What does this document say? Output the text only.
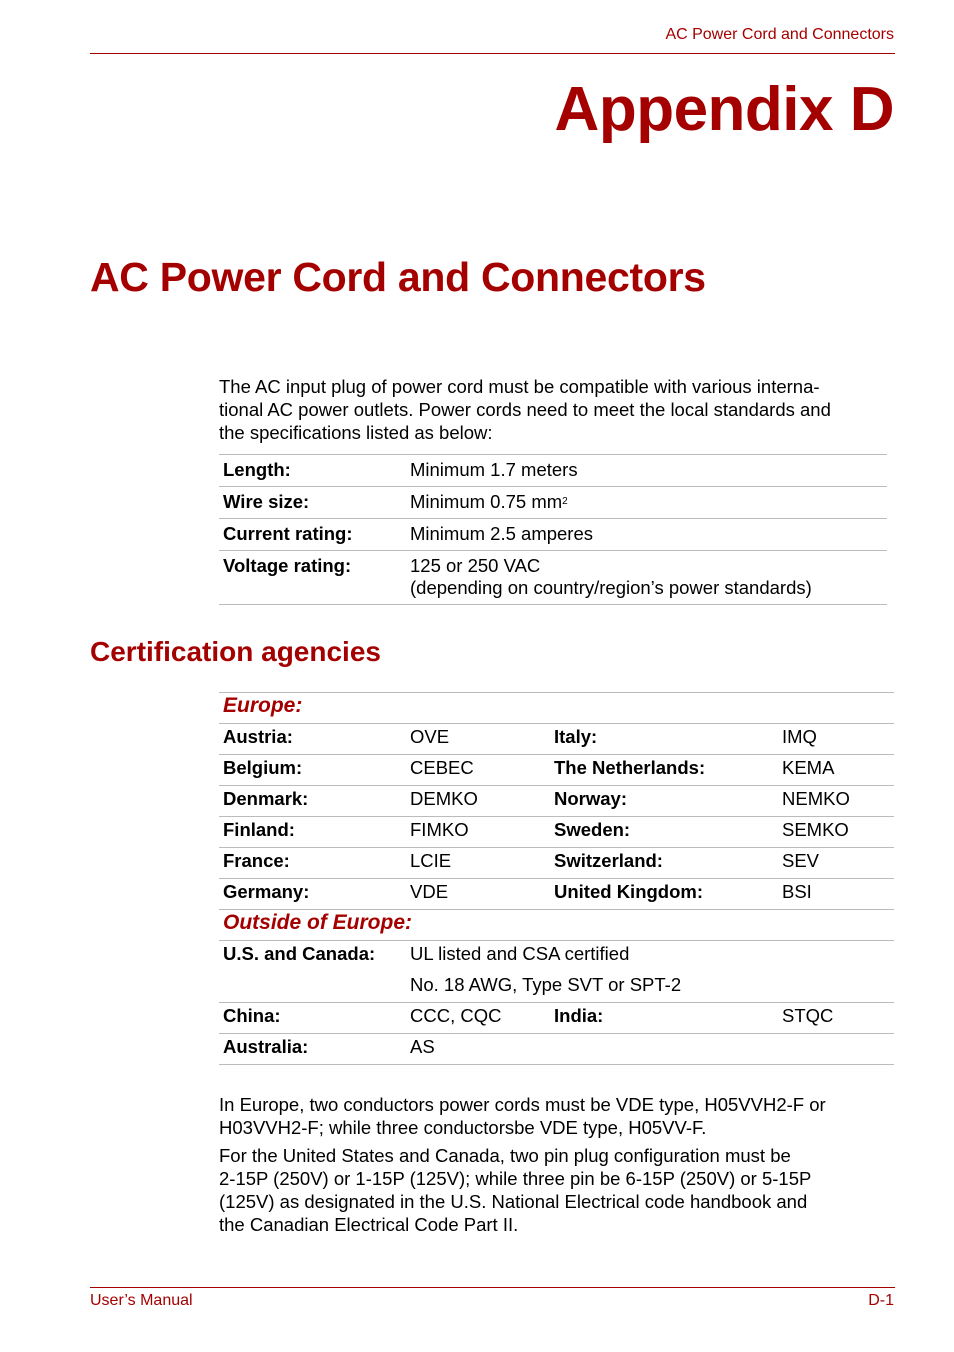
AC Power Cord and Connectors
Appendix D
AC Power Cord and Connectors
The AC input plug of power cord must be compatible with various interna-
tional AC power outlets. Power cords need to meet the local standards and
the specifications listed as below:
Length:	Minimum 1.7 meters
Wire size:	Minimum 0.75 $mm^2$
Current rating:	Minimum 2.5 amperes
Voltage rating:	125 or 250 VAC
(depending on country/region’s power standards)
Certification agencies
Europe:			
Austria:	OVE	Italy:	IMQ
Belgium:	CEBEC	The Netherlands:	KEMA
Denmark:	DEMKO	Norway:	NEMKO
Finland:	FIMKO	Sweden:	SEMKO
France:	LCIE	Switzerland:	SEV
Germany:	VDE	United Kingdom:	BSI
Outside of Europe:			
U.S. and Canada:	UL listed and CSA certified		
	No. 18 AWG, Type SVT or SPT-2		
China:	CCC, CQC	India:	STQC
Australia:	AS		
In Europe, two conductors power cords must be VDE type, H05VVH2-F or
H03VVH2-F; while three conductorsbe VDE type, H05VV-F.
For the United States and Canada, two pin plug configuration must be
2-15P (250V) or 1-15P (125V); while three pin be 6-15P (250V) or 5-15P
(125V) as designated in the U.S. National Electrical code handbook and
the Canadian Electrical Code Part II.
User’s Manual	D-1
